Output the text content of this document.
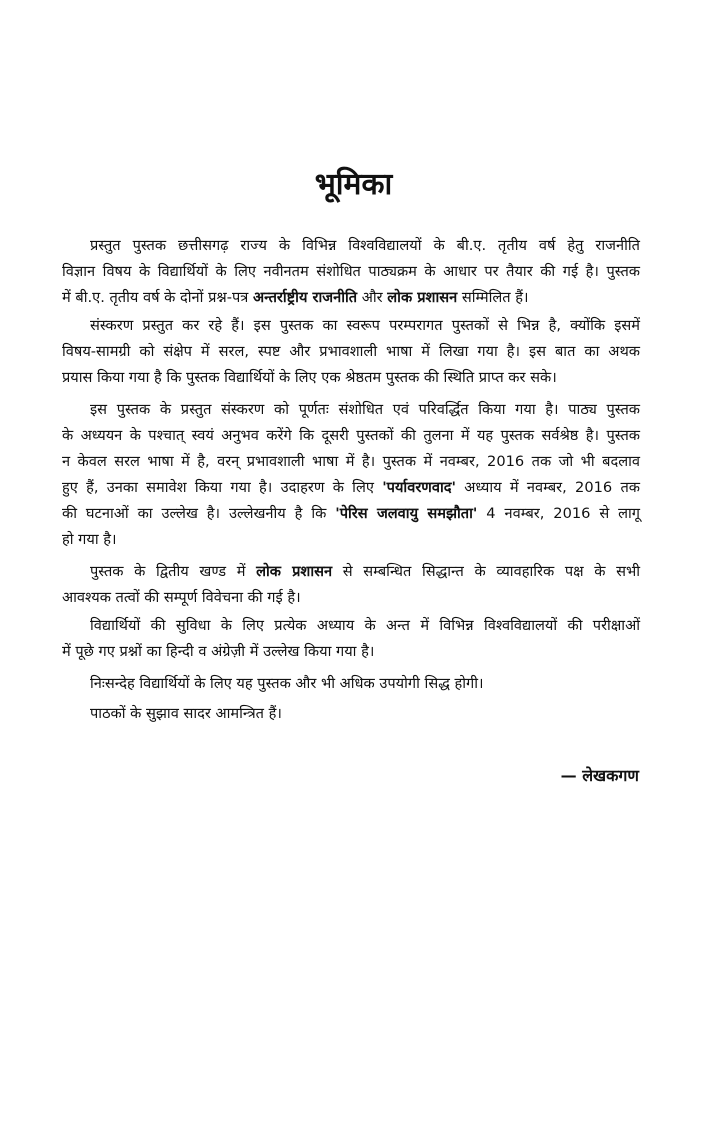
भूमिका
प्रस्तुत पुस्तक छत्तीसगढ़ राज्य के विभिन्न विश्वविद्यालयों के बी.ए. तृतीय वर्ष हेतु राजनीति
विज्ञान विषय के विद्यार्थियों के लिए नवीनतम संशोधित पाठ्यक्रम के आधार पर तैयार की गई है। पुस्तक
में बी.ए. तृतीय वर्ष के दोनों प्रश्न-पत्र अन्तर्राष्ट्रीय राजनीति और लोक प्रशासन सम्मिलित हैं।
संस्करण प्रस्तुत कर रहे हैं। इस पुस्तक का स्वरूप परम्परागत पुस्तकों से भिन्न है, क्योंकि इसमें
विषय-सामग्री को संक्षेप में सरल, स्पष्ट और प्रभावशाली भाषा में लिखा गया है। इस बात का अथक
प्रयास किया गया है कि पुस्तक विद्यार्थियों के लिए एक श्रेष्ठतम पुस्तक की स्थिति प्राप्त कर सके।
इस पुस्तक के प्रस्तुत संस्करण को पूर्णतः संशोधित एवं परिवर्द्धित किया गया है। पाठ्य पुस्तक
के अध्ययन के पश्चात् स्वयं अनुभव करेंगे कि दूसरी पुस्तकों की तुलना में यह पुस्तक सर्वश्रेष्ठ है। पुस्तक
न केवल सरल भाषा में है, वरन् प्रभावशाली भाषा में है। पुस्तक में नवम्बर, 2016 तक जो भी बदलाव
हुए हैं, उनका समावेश किया गया है। उदाहरण के लिए 'पर्यावरणवाद' अध्याय में नवम्बर, 2016 तक
की घटनाओं का उल्लेख है। उल्लेखनीय है कि 'पेरिस जलवायु समझौता' 4 नवम्बर, 2016 से लागू
हो गया है।
पुस्तक के द्वितीय खण्ड में लोक प्रशासन से सम्बन्धित सिद्धान्त के व्यावहारिक पक्ष के सभी
आवश्यक तत्वों की सम्पूर्ण विवेचना की गई है।
विद्यार्थियों की सुविधा के लिए प्रत्येक अध्याय के अन्त में विभिन्न विश्वविद्यालयों की परीक्षाओं
में पूछे गए प्रश्नों का हिन्दी व अंग्रेज़ी में उल्लेख किया गया है।
निःसन्देह विद्यार्थियों के लिए यह पुस्तक और भी अधिक उपयोगी सिद्ध होगी।
पाठकों के सुझाव सादर आमन्त्रित हैं।
— लेखकगण
